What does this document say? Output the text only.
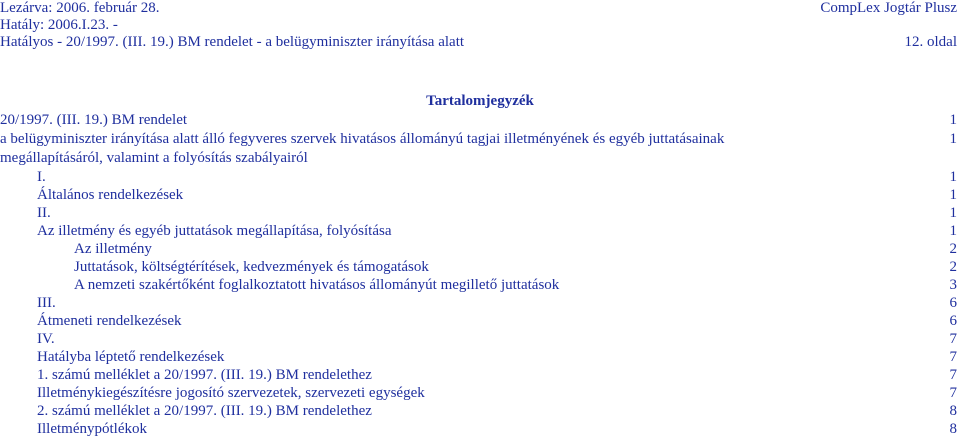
Lezárva: 2006. február 28.	CompLex Jogtár Plusz
Hatály: 2006.I.23. -
Hatályos - 20/1997. (III. 19.) BM rendelet - a belügyminiszter irányítása alatt	12. oldal
Tartalomjegyzék
20/1997. (III. 19.) BM rendelet	1
a belügyminiszter irányítása alatt álló fegyveres szervek hivatásos állományú tagjai illetményének és egyéb juttatásainak	1
megállapításáról, valamint a folyósítás szabályairól
I.	1
Általános rendelkezések	1
II.	1
Az illetmény és egyéb juttatások megállapítása, folyósítása	1
Az illetmény	2
Juttatások, költségtérítések, kedvezmények és támogatások	2
A nemzeti szakértőként foglalkoztatott hivatásos állományút megillető juttatások	3
III.	6
Átmeneti rendelkezések	6
IV.	7
Hatályba léptető rendelkezések	7
1. számú melléklet a 20/1997. (III. 19.) BM rendelethez	7
Illetménykiegészítésre jogosító szervezetek, szervezeti egységek	7
2. számú melléklet a 20/1997. (III. 19.) BM rendelethez	8
Illetménypótlékok	8
